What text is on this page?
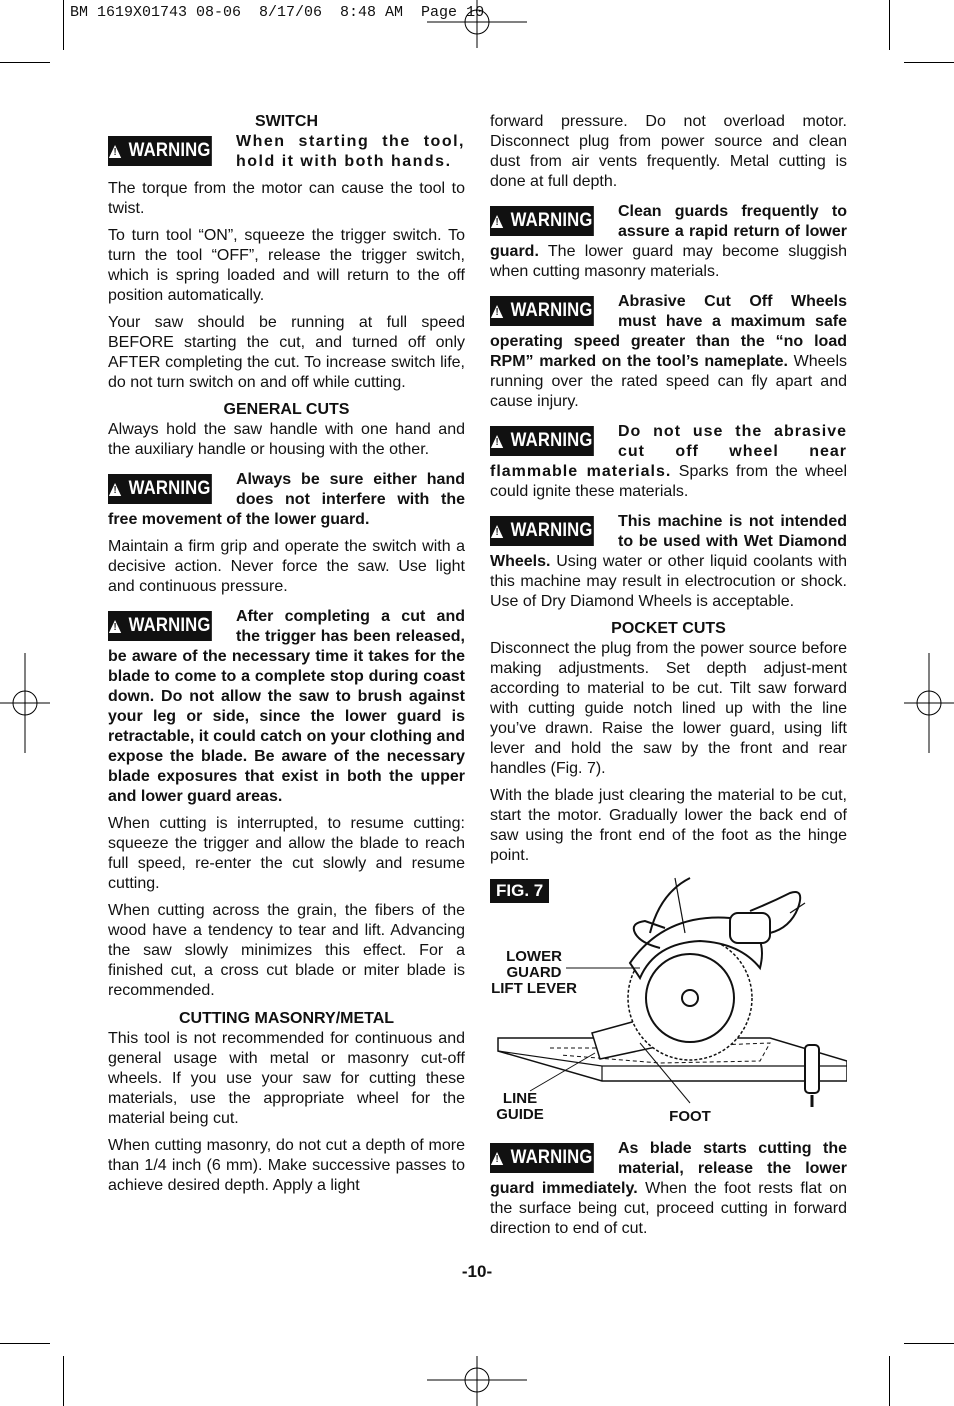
BM 1619X01743 08-06  8/17/06  8:48 AM  Page 10
SWITCH
! WARNING When starting the tool, hold it with both hands.

The torque from the motor can cause the tool to twist.

To turn tool “ON”, squeeze the trigger switch. To turn the tool “OFF”, release the trigger switch, which is spring loaded and will return to the off position automatically.

Your saw should be running at full speed BEFORE starting the cut, and turned off only AFTER completing the cut. To increase switch life, do not turn switch on and off while cutting.

GENERAL CUTS

Always hold the saw handle with one hand and the auxiliary handle or housing with the other.

! WARNING Always be sure either hand does not interfere with the free movement of the lower guard.

Maintain a firm grip and operate the switch with a decisive action. Never force the saw. Use light and continuous pressure.

! WARNING After completing a cut and the trigger has been released, be aware of the necessary time it takes for the blade to come to a complete stop during coast down. Do not allow the saw to brush against your leg or side, since the lower guard is retractable, it could catch on your clothing and expose the blade. Be aware of the necessary blade exposures that exist in both the upper and lower guard areas.

When cutting is interrupted, to resume cutting: squeeze the trigger and allow the blade to reach full speed, re-enter the cut slowly and resume cutting.

When cutting across the grain, the fibers of the wood have a tendency to tear and lift. Advancing the saw slowly minimizes this effect. For a finished cut, a cross cut blade or miter blade is recommended.

CUTTING MASONRY/METAL

This tool is not recommended for continuous and general usage with metal or masonry cut-off wheels. If you use your saw for cutting these materials, use the appropriate wheel for the material being cut.

When cutting masonry, do not cut a depth of more than 1/4 inch (6 mm). Make successive passes to achieve desired depth. Apply a light

forward pressure. Do not overload motor. Disconnect plug from power source and clean dust from air vents frequently. Metal cutting is done at full depth.

! WARNING Clean guards frequently to assure a rapid return of lower guard. The lower guard may become sluggish when cutting masonry materials.
! WARNING Abrasive Cut Off Wheels must have a maximum safe operating speed greater than the “no load RPM” marked on the tool’s nameplate. Wheels running over the rated speed can fly apart and cause injury.
! WARNING Do not use the abrasive cut off wheel near flammable materials. Sparks from the wheel could ignite these materials.
! WARNING This machine is not intended to be used with Wet Diamond Wheels. Using water or other liquid coolants with this machine may result in electrocution or shock. Use of Dry Diamond Wheels is acceptable.
POCKET CUTS

Disconnect the plug from the power source before making adjustments. Set depth adjust-ment according to material to be cut. Tilt saw forward with cutting guide notch lined up with the line you’ve drawn. Raise the lower guard, using lift lever and hold the saw by the front and rear handles (Fig. 7).

With the blade just clearing the material to be cut, start the motor. Gradually lower the back end of saw using the front end of the foot as the hinge point.

FIG. 7
LOWER
GUARD
LIFT LEVER
LINE
GUIDE	FOOT
! WARNING As blade starts cutting the material, release the lower guard immediately. When the foot rests flat on the surface being cut, proceed cutting in forward direction to end of cut.
-10-
